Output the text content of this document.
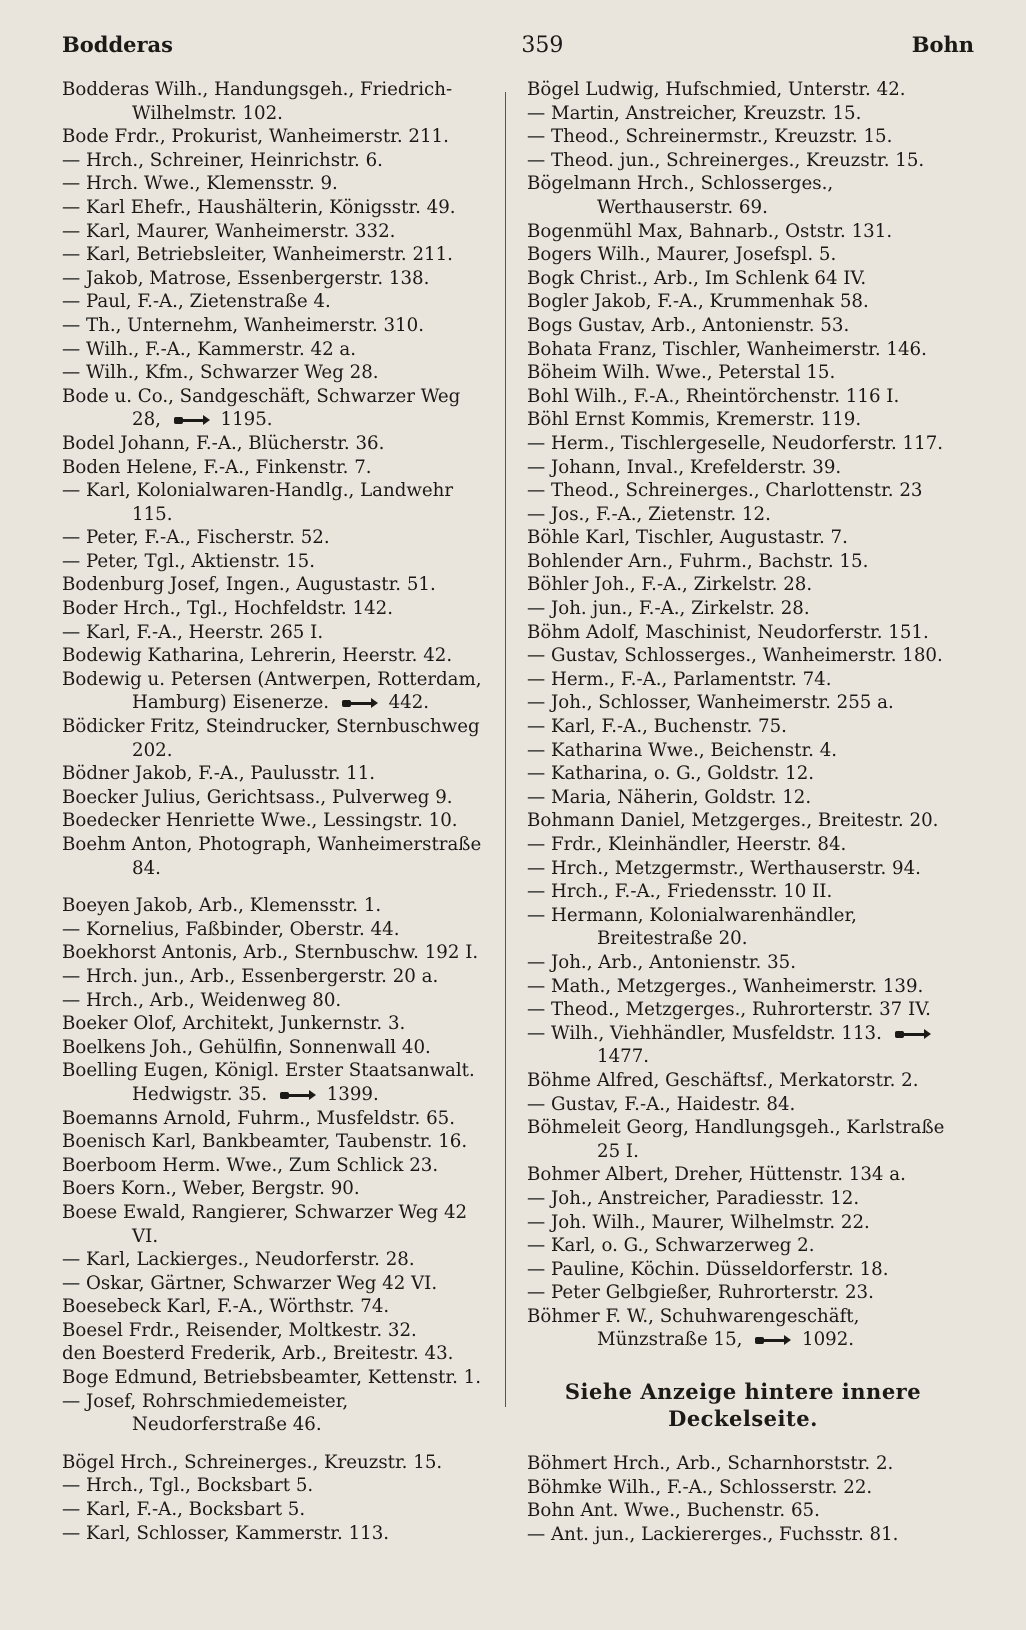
Bodderas	359	Bohn

Bodderas Wilh., Handungsgeh., Friedrich-Wilhelmstr. 102.

Bode Frdr., Prokurist, Wanheimerstr. 211.

— Hrch., Schreiner, Heinrichstr. 6.

— Hrch. Wwe., Klemensstr. 9.

— Karl Ehefr., Haushälterin, Königsstr. 49.

— Karl, Maurer, Wanheimerstr. 332.

— Karl, Betriebsleiter, Wanheimerstr. 211.

— Jakob, Matrose, Essenbergerstr. 138.

— Paul, F.-A., Zietenstraße 4.

— Th., Unternehm, Wanheimerstr. 310.

— Wilh., F.-A., Kammerstr. 42 a.

— Wilh., Kfm., Schwarzer Weg 28.

Bode u. Co., Sandgeschäft, Schwarzer Weg 28,	1195.

Bodel Johann, F.-A., Blücherstr. 36.

Boden Helene, F.-A., Finkenstr. 7.

— Karl, Kolonialwaren-Handlg., Landwehr 115.

— Peter, F.-A., Fischerstr. 52.

— Peter, Tgl., Aktienstr. 15.

Bodenburg Josef, Ingen., Augustastr. 51.

Boder Hrch., Tgl., Hochfeldstr. 142.

— Karl, F.-A., Heerstr. 265 I.

Bodewig Katharina, Lehrerin, Heerstr. 42.

Bodewig u. Petersen (Antwerpen, Rotterdam, Hamburg) Eisenerze.	442.

Bödicker Fritz, Steindrucker, Sternbuschweg 202.

Bödner Jakob, F.-A., Paulusstr. 11.

Boecker Julius, Gerichtsass., Pulverweg 9.

Boedecker Henriette Wwe., Lessingstr. 10.

Boehm Anton, Photograph, Wanheimerstraße 84.

Boeyen Jakob, Arb., Klemensstr. 1.

— Kornelius, Faßbinder, Oberstr. 44.

Boekhorst Antonis, Arb., Sternbuschw. 192 I.

— Hrch. jun., Arb., Essenbergerstr. 20 a.

— Hrch., Arb., Weidenweg 80.

Boeker Olof, Architekt, Junkernstr. 3.

Boelkens Joh., Gehülfin, Sonnenwall 40.

Boelling Eugen, Königl. Erster Staatsanwalt. Hedwigstr. 35.	1399.

Boemanns Arnold, Fuhrm., Musfeldstr. 65.

Boenisch Karl, Bankbeamter, Taubenstr. 16.

Boerboom Herm. Wwe., Zum Schlick 23.

Boers Korn., Weber, Bergstr. 90.

Boese Ewald, Rangierer, Schwarzer Weg 42 VI.

— Karl, Lackierges., Neudorferstr. 28.

— Oskar, Gärtner, Schwarzer Weg 42 VI.

Boesebeck Karl, F.-A., Wörthstr. 74.

Boesel Frdr., Reisender, Moltkestr. 32.

den Boesterd Frederik, Arb., Breitestr. 43.

Boge Edmund, Betriebsbeamter, Kettenstr. 1.

— Josef, Rohrschmiedemeister, Neudorferstraße 46.

Bögel Hrch., Schreinerges., Kreuzstr. 15.

— Hrch., Tgl., Bocksbart 5.

— Karl, F.-A., Bocksbart 5.

— Karl, Schlosser, Kammerstr. 113.

Bögel Ludwig, Hufschmied, Unterstr. 42.

— Martin, Anstreicher, Kreuzstr. 15.

— Theod., Schreinermstr., Kreuzstr. 15.

— Theod. jun., Schreinerges., Kreuzstr. 15.

Bögelmann Hrch., Schlosserges., Werthauserstr. 69.

Bogenmühl Max, Bahnarb., Oststr. 131.

Bogers Wilh., Maurer, Josefspl. 5.

Bogk Christ., Arb., Im Schlenk 64 IV.

Bogler Jakob, F.-A., Krummenhak 58.

Bogs Gustav, Arb., Antonienstr. 53.

Bohata Franz, Tischler, Wanheimerstr. 146.

Böheim Wilh. Wwe., Peterstal 15.

Bohl Wilh., F.-A., Rheintörchenstr. 116 I.

Böhl Ernst Kommis, Kremerstr. 119.

— Herm., Tischlergeselle, Neudorferstr. 117.

— Johann, Inval., Krefelderstr. 39.

— Theod., Schreinerges., Charlottenstr. 23

— Jos., F.-A., Zietenstr. 12.

Böhle Karl, Tischler, Augustastr. 7.

Bohlender Arn., Fuhrm., Bachstr. 15.

Böhler Joh., F.-A., Zirkelstr. 28.

— Joh. jun., F.-A., Zirkelstr. 28.

Böhm Adolf, Maschinist, Neudorferstr. 151.

— Gustav, Schlosserges., Wanheimerstr. 180.

— Herm., F.-A., Parlamentstr. 74.

— Joh., Schlosser, Wanheimerstr. 255 a.

— Karl, F.-A., Buchenstr. 75.

— Katharina Wwe., Beichenstr. 4.

— Katharina, o. G., Goldstr. 12.

— Maria, Näherin, Goldstr. 12.

Bohmann Daniel, Metzgerges., Breitestr. 20.

— Frdr., Kleinhändler, Heerstr. 84.

— Hrch., Metzgermstr., Werthauserstr. 94.

— Hrch., F.-A., Friedensstr. 10 II.

— Hermann, Kolonialwarenhändler, Breitestraße 20.

— Joh., Arb., Antonienstr. 35.

— Math., Metzgerges., Wanheimerstr. 139.

— Theod., Metzgerges., Ruhrorterstr. 37 IV.

— Wilh., Viehhändler, Musfeldstr. 113.  1477.

Böhme Alfred, Geschäftsf., Merkatorstr. 2.

— Gustav, F.-A., Haidestr. 84.

Böhmeleit Georg, Handlungsgeh., Karlstraße 25 I.

Bohmer Albert, Dreher, Hüttenstr. 134 a.

— Joh., Anstreicher, Paradiesstr. 12.

— Joh. Wilh., Maurer, Wilhelmstr. 22.

— Karl, o. G., Schwarzerweg 2.

— Pauline, Köchin. Düsseldorferstr. 18.

— Peter Gelbgießer, Ruhrorterstr. 23.

Böhmer F. W., Schuhwarengeschäft, Münzstraße 15,	1092.

Siehe Anzeige hintere innere Deckelseite.

Böhmert Hrch., Arb., Scharnhorststr. 2.

Böhmke Wilh., F.-A., Schlosserstr. 22.

Bohn Ant. Wwe., Buchenstr. 65.

— Ant. jun., Lackiererges., Fuchsstr. 81.
